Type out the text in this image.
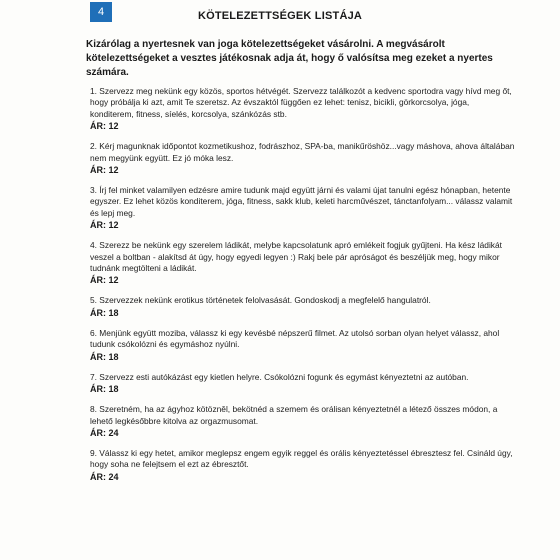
4	KÖTELEZETTSÉGEK LISTÁJA
Kizárólag a nyertesnek van joga kötelezettségeket vásárolni. A megvásárolt kötelezettségeket a vesztes játékosnak adja át, hogy ő valósítsa meg ezeket a nyertes számára.
1. Szervezz meg nekünk egy közös, sportos hétvégét. Szervezz találkozót a kedvenc sportodra vagy hívd meg őt, hogy próbálja ki azt, amit Te szeretsz. Az évszaktól függően ez lehet: tenisz, bicikli, görkorcsolya, jóga, konditerem, fitness, síelés, korcsolya, szánkózás stb.
ÁR: 12
2. Kérj magunknak időpontot kozmetikushoz, fodrászhoz, SPA-ba, manikűröshöz...vagy máshova, ahova általában nem megyünk együtt. Ez jó móka lesz.
ÁR: 12
3. Írj fel minket valamilyen edzésre amire tudunk majd együtt járni és valami újat tanulni egész hónapban, hetente egyszer. Ez lehet közös konditerem, jóga, fitness, sakk klub, keleti harcművészet, tánctanfolyam... válassz valamit és lepj meg.
ÁR: 12
4. Szerezz be nekünk egy szerelem ládikát, melybe kapcsolatunk apró emlékeit fogjuk gyűjteni. Ha kész ládikát veszel a boltban - alakítsd át úgy, hogy egyedi legyen :) Rakj bele pár apróságot és beszéljük meg, hogy mikor tudnánk megtölteni a ládikát.
ÁR: 12
5. Szervezzek nekünk erotikus történetek felolvasását. Gondoskodj a megfelelő hangulatról.
ÁR: 18
6. Menjünk együtt moziba, válassz ki egy kevésbé népszerű filmet. Az utolsó sorban olyan helyet válassz, ahol tudunk csókolózni és egymáshoz nyúlni.
ÁR: 18
7. Szervezz esti autókázást egy kietlen helyre. Csókolózni fogunk és egymást kényeztetni az autóban.
ÁR: 18
8. Szeretném, ha az ágyhoz kötözněl, bekötnéd a szemem és orálisan kényeztetnél a létező összes módon, a lehető legkésőbbre kitolva az orgazmusomat.
ÁR: 24
9. Válassz ki egy hetet, amikor meglepsz engem egyik reggel és orális kényeztetéssel ébresztesz fel. Csináld úgy, hogy soha ne felejtsem el ezt az ébresztőt.
ÁR: 24
